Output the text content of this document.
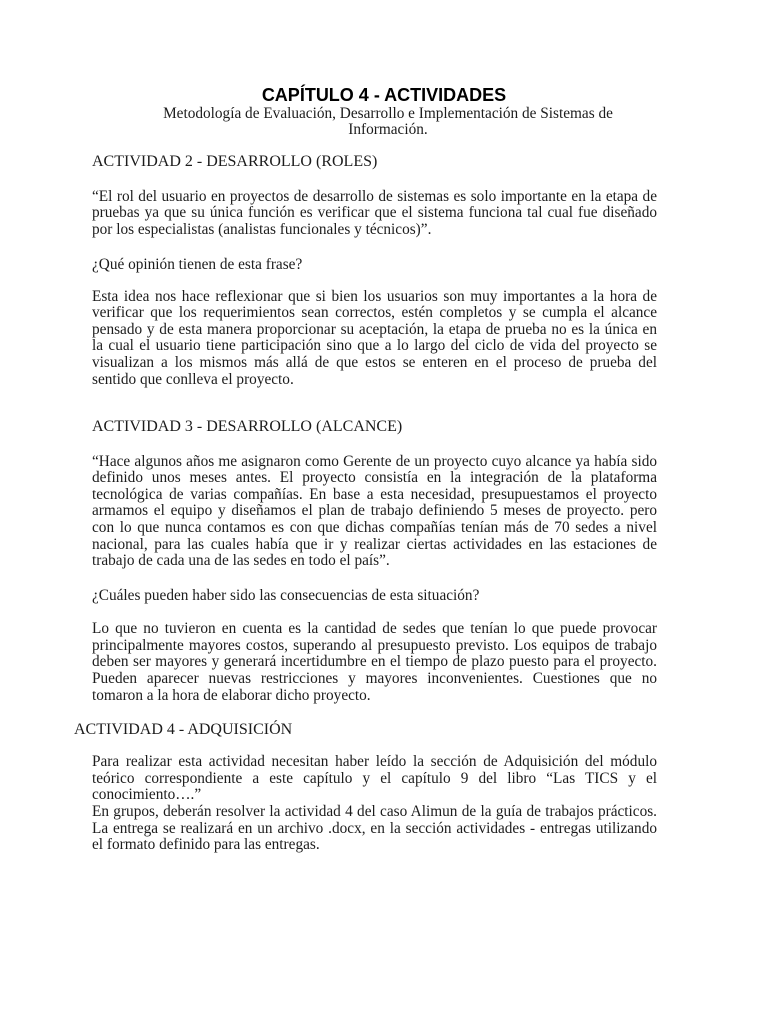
CAPÍTULO 4 - ACTIVIDADES
Metodología de Evaluación, Desarrollo e Implementación de Sistemas de
Información.
ACTIVIDAD 2 - DESARROLLO (ROLES)
“El rol del usuario en proyectos de desarrollo de sistemas es solo importante en la etapa de
pruebas ya que su única función es verificar que el sistema funciona tal cual fue diseñado
por los especialistas (analistas funcionales y técnicos)”.
¿Qué opinión tienen de esta frase?
Esta idea nos hace reflexionar que si bien los usuarios son muy importantes a la hora de
verificar que los requerimientos sean correctos, estén completos y se cumpla el alcance
pensado y de esta manera proporcionar su aceptación, la etapa de prueba no es la única en
la cual el usuario tiene participación sino que a lo largo del ciclo de vida del proyecto se
visualizan a los mismos más allá de que estos se enteren en el proceso de prueba del
sentido que conlleva el proyecto.
ACTIVIDAD 3 - DESARROLLO (ALCANCE)
“Hace algunos años me asignaron como Gerente de un proyecto cuyo alcance ya había sido
definido unos meses antes. El proyecto consistía en la integración de la plataforma
tecnológica de varias compañías. En base a esta necesidad, presupuestamos el proyecto
armamos el equipo y diseñamos el plan de trabajo definiendo 5 meses de proyecto. pero
con lo que nunca contamos es con que dichas compañías tenían más de 70 sedes a nivel
nacional, para las cuales había que ir y realizar ciertas actividades en las estaciones de
trabajo de cada una de las sedes en todo el país”.
¿Cuáles pueden haber sido las consecuencias de esta situación?
Lo que no tuvieron en cuenta es la cantidad de sedes que tenían lo que puede provocar
principalmente mayores costos, superando al presupuesto previsto. Los equipos de trabajo
deben ser mayores y generará incertidumbre en el tiempo de plazo puesto para el proyecto.
Pueden aparecer nuevas restricciones y mayores inconvenientes. Cuestiones que no
tomaron a la hora de elaborar dicho proyecto.
ACTIVIDAD 4 - ADQUISICIÓN
Para realizar esta actividad necesitan haber leído la sección de Adquisición del módulo
teórico correspondiente a este capítulo y el capítulo 9 del libro “Las TICS y el
conocimiento….”
En grupos, deberán resolver la actividad 4 del caso Alimun de la guía de trabajos prácticos.
La entrega se realizará en un archivo .docx, en la sección actividades - entregas utilizando
el formato definido para las entregas.
